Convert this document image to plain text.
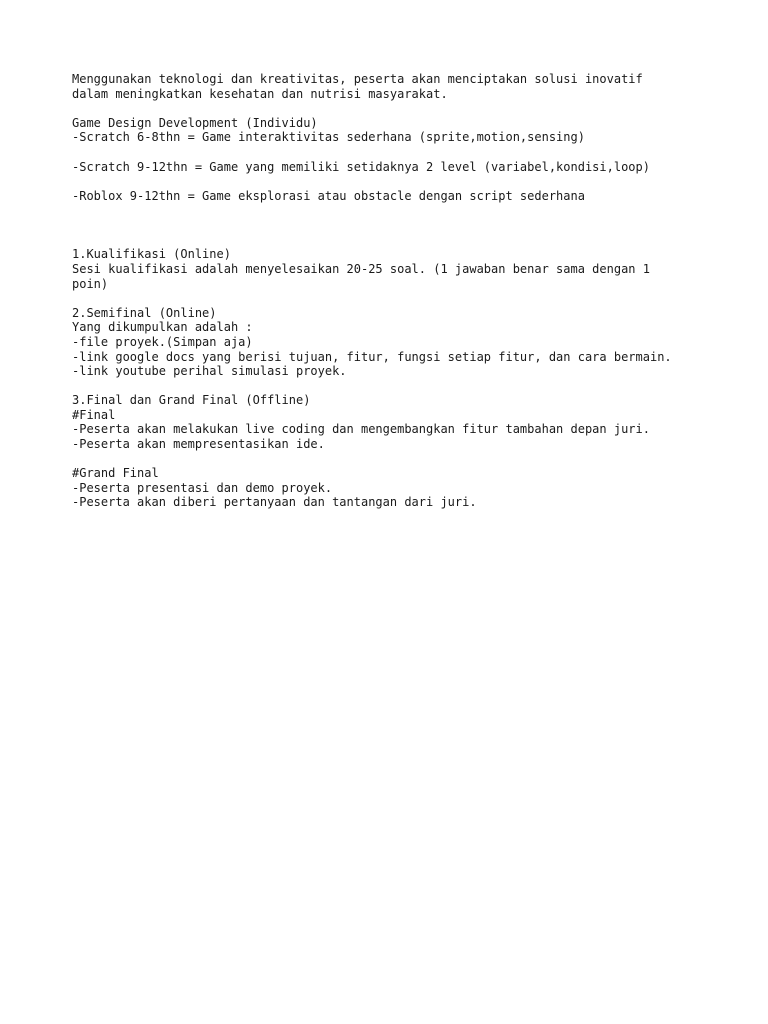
Menggunakan teknologi dan kreativitas, peserta akan menciptakan solusi inovatif
dalam meningkatkan kesehatan dan nutrisi masyarakat.
Game Design Development (Individu)
-Scratch 6-8thn = Game interaktivitas sederhana (sprite,motion,sensing)
-Scratch 9-12thn = Game yang memiliki setidaknya 2 level (variabel,kondisi,loop)
-Roblox 9-12thn = Game eksplorasi atau obstacle dengan script sederhana
1.Kualifikasi (Online)
Sesi kualifikasi adalah menyelesaikan 20-25 soal. (1 jawaban benar sama dengan 1
poin)
2.Semifinal (Online)
Yang dikumpulkan adalah :
-file proyek.(Simpan aja)
-link google docs yang berisi tujuan, fitur, fungsi setiap fitur, dan cara bermain.
-link youtube perihal simulasi proyek.
3.Final dan Grand Final (Offline)
#Final
-Peserta akan melakukan live coding dan mengembangkan fitur tambahan depan juri.
-Peserta akan mempresentasikan ide.
#Grand Final
-Peserta presentasi dan demo proyek.
-Peserta akan diberi pertanyaan dan tantangan dari juri.
